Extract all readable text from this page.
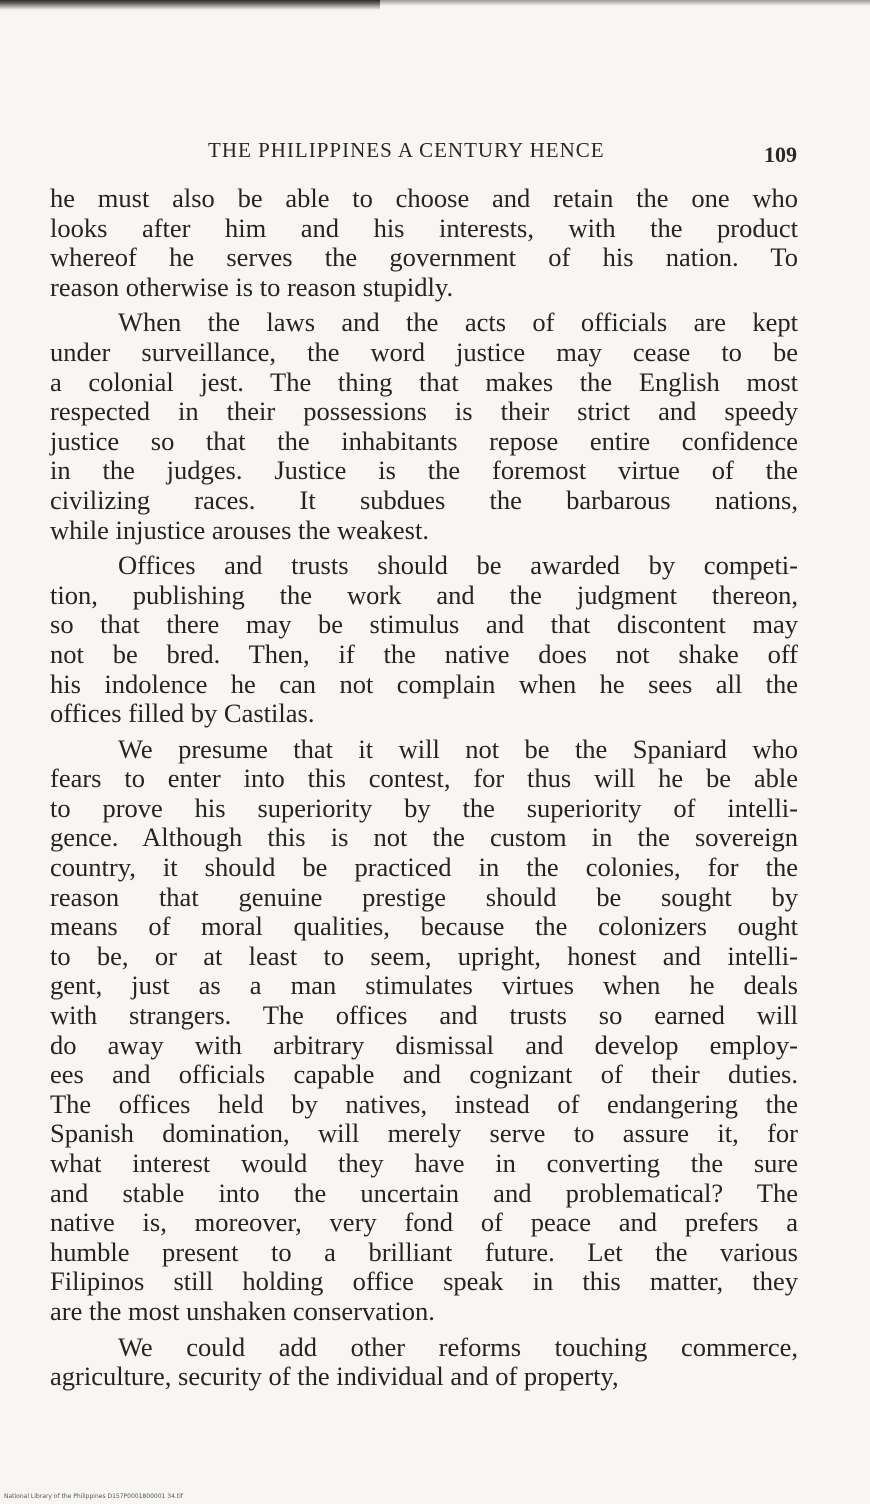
THE PHILIPPINES A CENTURY HENCE	109
he must also be able to choose and retain the one who
looks after him and his interests, with the product
whereof he serves the government of his nation. To
reason otherwise is to reason stupidly.
When the laws and the acts of officials are kept
under surveillance, the word justice may cease to be
a colonial jest. The thing that makes the English most
respected in their possessions is their strict and speedy
justice so that the inhabitants repose entire confidence
in the judges. Justice is the foremost virtue of the
civilizing races. It subdues the barbarous nations,
while injustice arouses the weakest.
Offices and trusts should be awarded by competi-
tion, publishing the work and the judgment thereon,
so that there may be stimulus and that discontent may
not be bred. Then, if the native does not shake off
his indolence he can not complain when he sees all the
offices filled by Castilas.
We presume that it will not be the Spaniard who
fears to enter into this contest, for thus will he be able
to prove his superiority by the superiority of intelli-
gence. Although this is not the custom in the sovereign
country, it should be practiced in the colonies, for the
reason that genuine prestige should be sought by
means of moral qualities, because the colonizers ought
to be, or at least to seem, upright, honest and intelli-
gent, just as a man stimulates virtues when he deals
with strangers. The offices and trusts so earned will
do away with arbitrary dismissal and develop employ-
ees and officials capable and cognizant of their duties.
The offices held by natives, instead of endangering the
Spanish domination, will merely serve to assure it, for
what interest would they have in converting the sure
and stable into the uncertain and problematical? The
native is, moreover, very fond of peace and prefers a
humble present to a brilliant future. Let the various
Filipinos still holding office speak in this matter, they
are the most unshaken conservation.
We could add other reforms touching commerce,
agriculture, security of the individual and of property,
National Library of the Philippines D157P0001800001 34.tif
